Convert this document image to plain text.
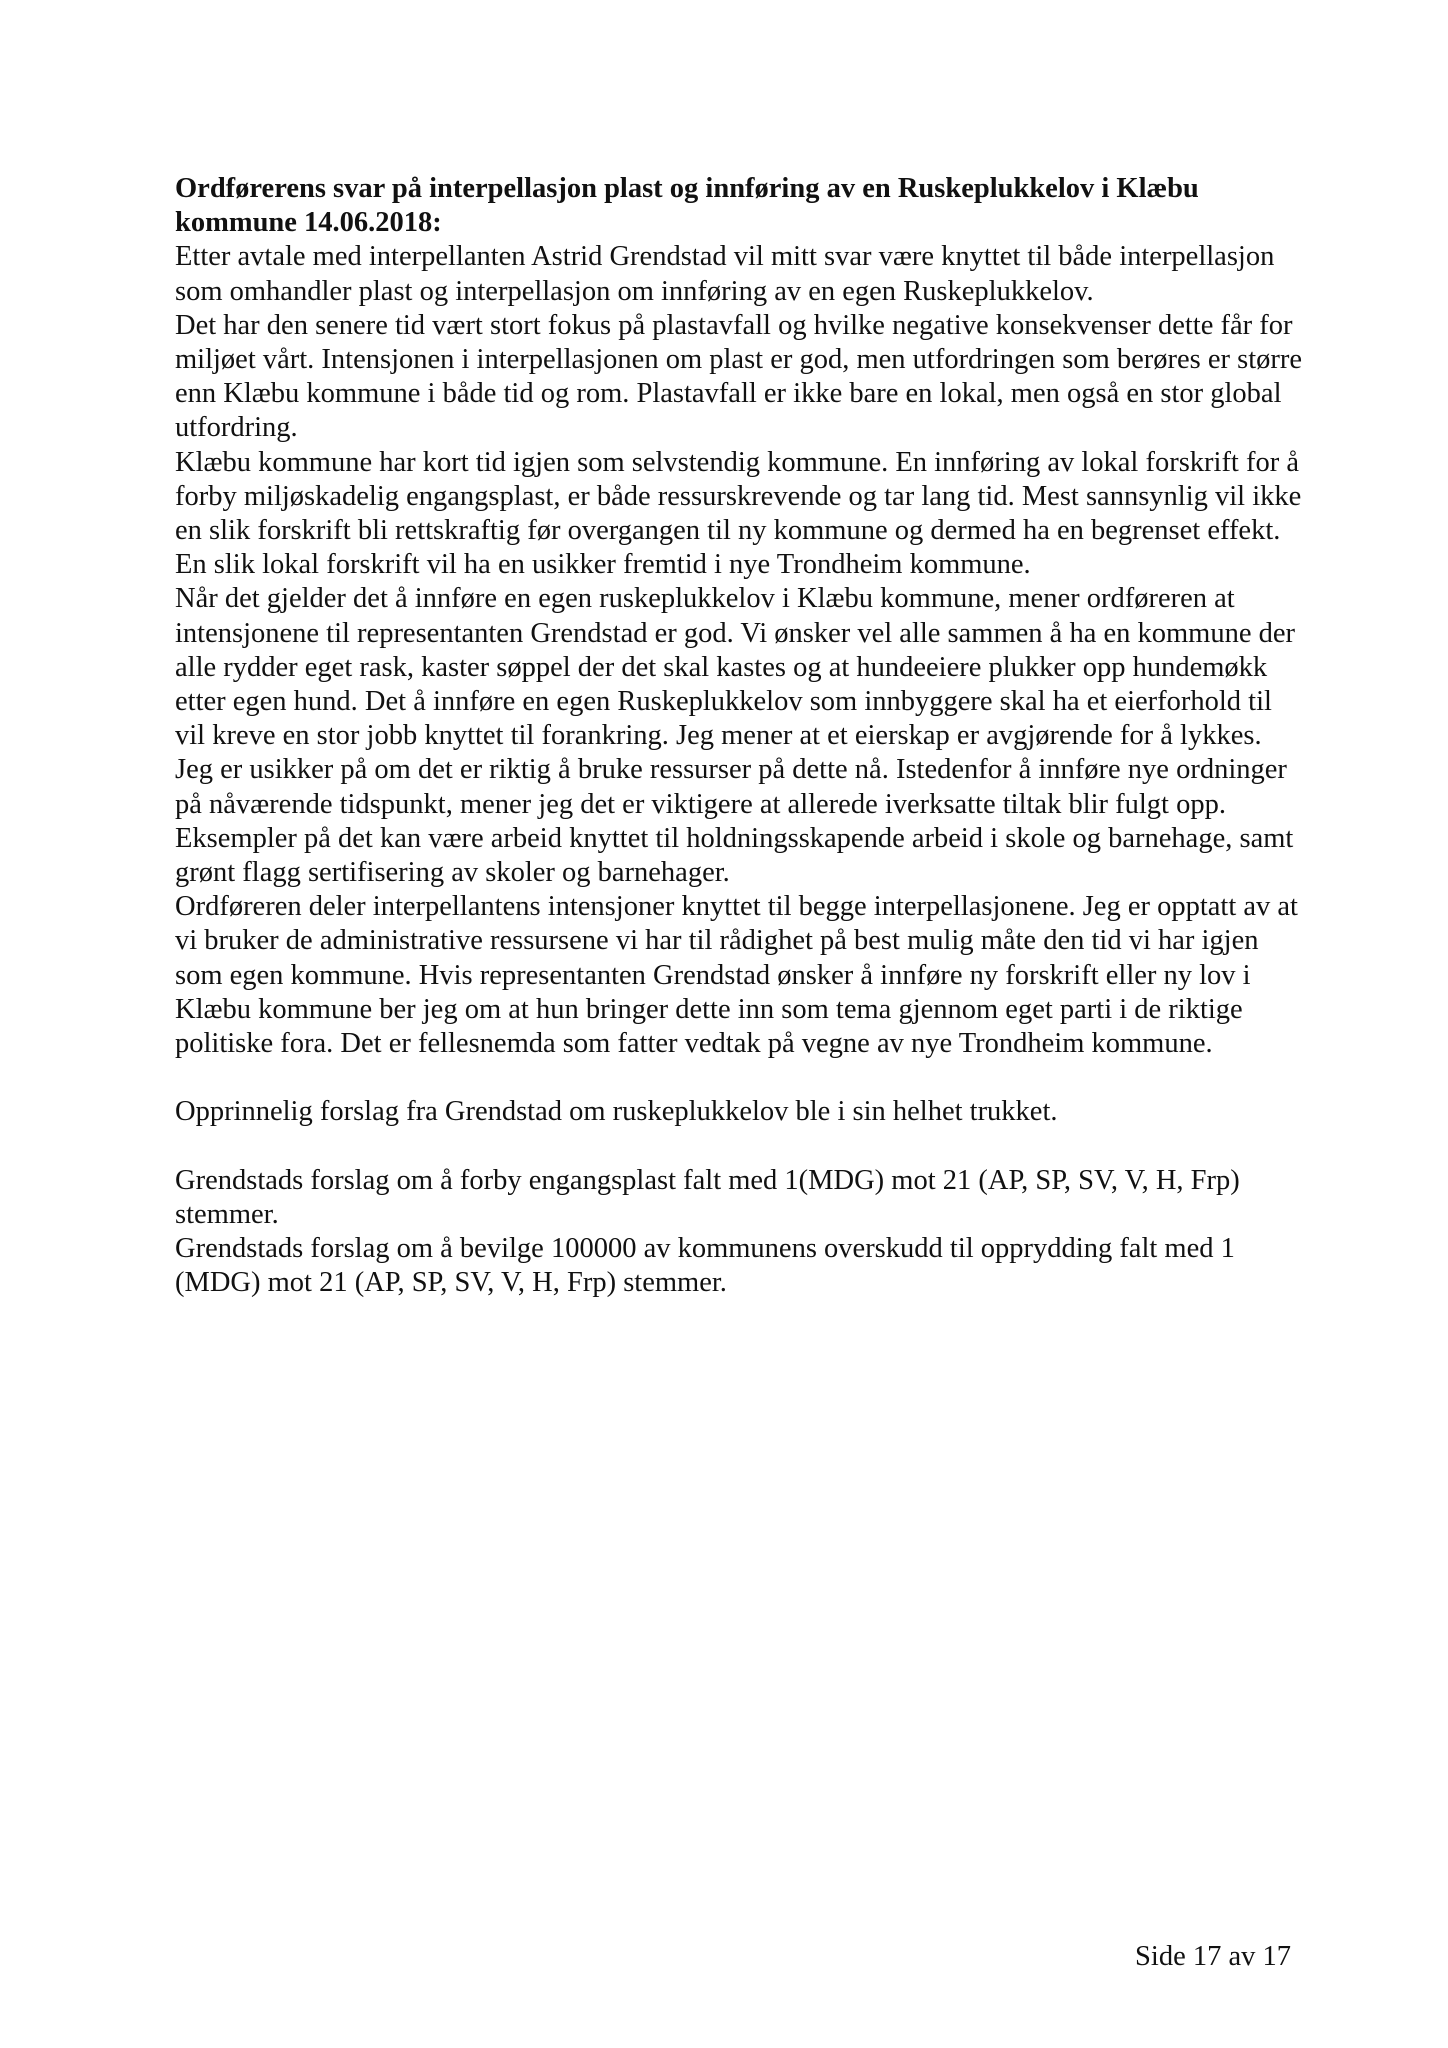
Ordførerens svar på interpellasjon plast og innføring av en Ruskeplukkelov i Klæbu kommune 14.06.2018:

Etter avtale med interpellanten Astrid Grendstad vil mitt svar være knyttet til både interpellasjon som omhandler plast og interpellasjon om innføring av en egen Ruskeplukkelov.

Det har den senere tid vært stort fokus på plastavfall og hvilke negative konsekvenser dette får for miljøet vårt. Intensjonen i interpellasjonen om plast er god, men utfordringen som berøres er større enn Klæbu kommune i både tid og rom. Plastavfall er ikke bare en lokal, men også en stor global utfordring.

Klæbu kommune har kort tid igjen som selvstendig kommune. En innføring av lokal forskrift for å forby miljøskadelig engangsplast, er både ressurskrevende og tar lang tid. Mest sannsynlig vil ikke en slik forskrift bli rettskraftig før overgangen til ny kommune og dermed ha en begrenset effekt. En slik lokal forskrift vil ha en usikker fremtid i nye Trondheim kommune.

Når det gjelder det å innføre en egen ruskeplukkelov i Klæbu kommune, mener ordføreren at intensjonene til representanten Grendstad er god. Vi ønsker vel alle sammen å ha en kommune der alle rydder eget rask, kaster søppel der det skal kastes og at hundeeiere plukker opp hundemøkk etter egen hund. Det å innføre en egen Ruskeplukkelov som innbyggere skal ha et eierforhold til vil kreve en stor jobb knyttet til forankring. Jeg mener at et eierskap er avgjørende for å lykkes. Jeg er usikker på om det er riktig å bruke ressurser på dette nå. Istedenfor å innføre nye ordninger på nåværende tidspunkt, mener jeg det er viktigere at allerede iverksatte tiltak blir fulgt opp. Eksempler på det kan være arbeid knyttet til holdningsskapende arbeid i skole og barnehage, samt grønt flagg sertifisering av skoler og barnehager.

Ordføreren deler interpellantens intensjoner knyttet til begge interpellasjonene. Jeg er opptatt av at vi bruker de administrative ressursene vi har til rådighet på best mulig måte den tid vi har igjen som egen kommune. Hvis representanten Grendstad ønsker å innføre ny forskrift eller ny lov i Klæbu kommune ber jeg om at hun bringer dette inn som tema gjennom eget parti i de riktige politiske fora. Det er fellesnemda som fatter vedtak på vegne av nye Trondheim kommune.

Opprinnelig forslag fra Grendstad om ruskeplukkelov ble i sin helhet trukket.

Grendstads forslag om å forby engangsplast falt med 1(MDG) mot 21 (AP, SP, SV, V, H, Frp) stemmer.

Grendstads forslag om å bevilge 100000 av kommunens overskudd til opprydding falt med 1 (MDG) mot 21 (AP, SP, SV, V, H, Frp) stemmer.

Side 17 av 17
